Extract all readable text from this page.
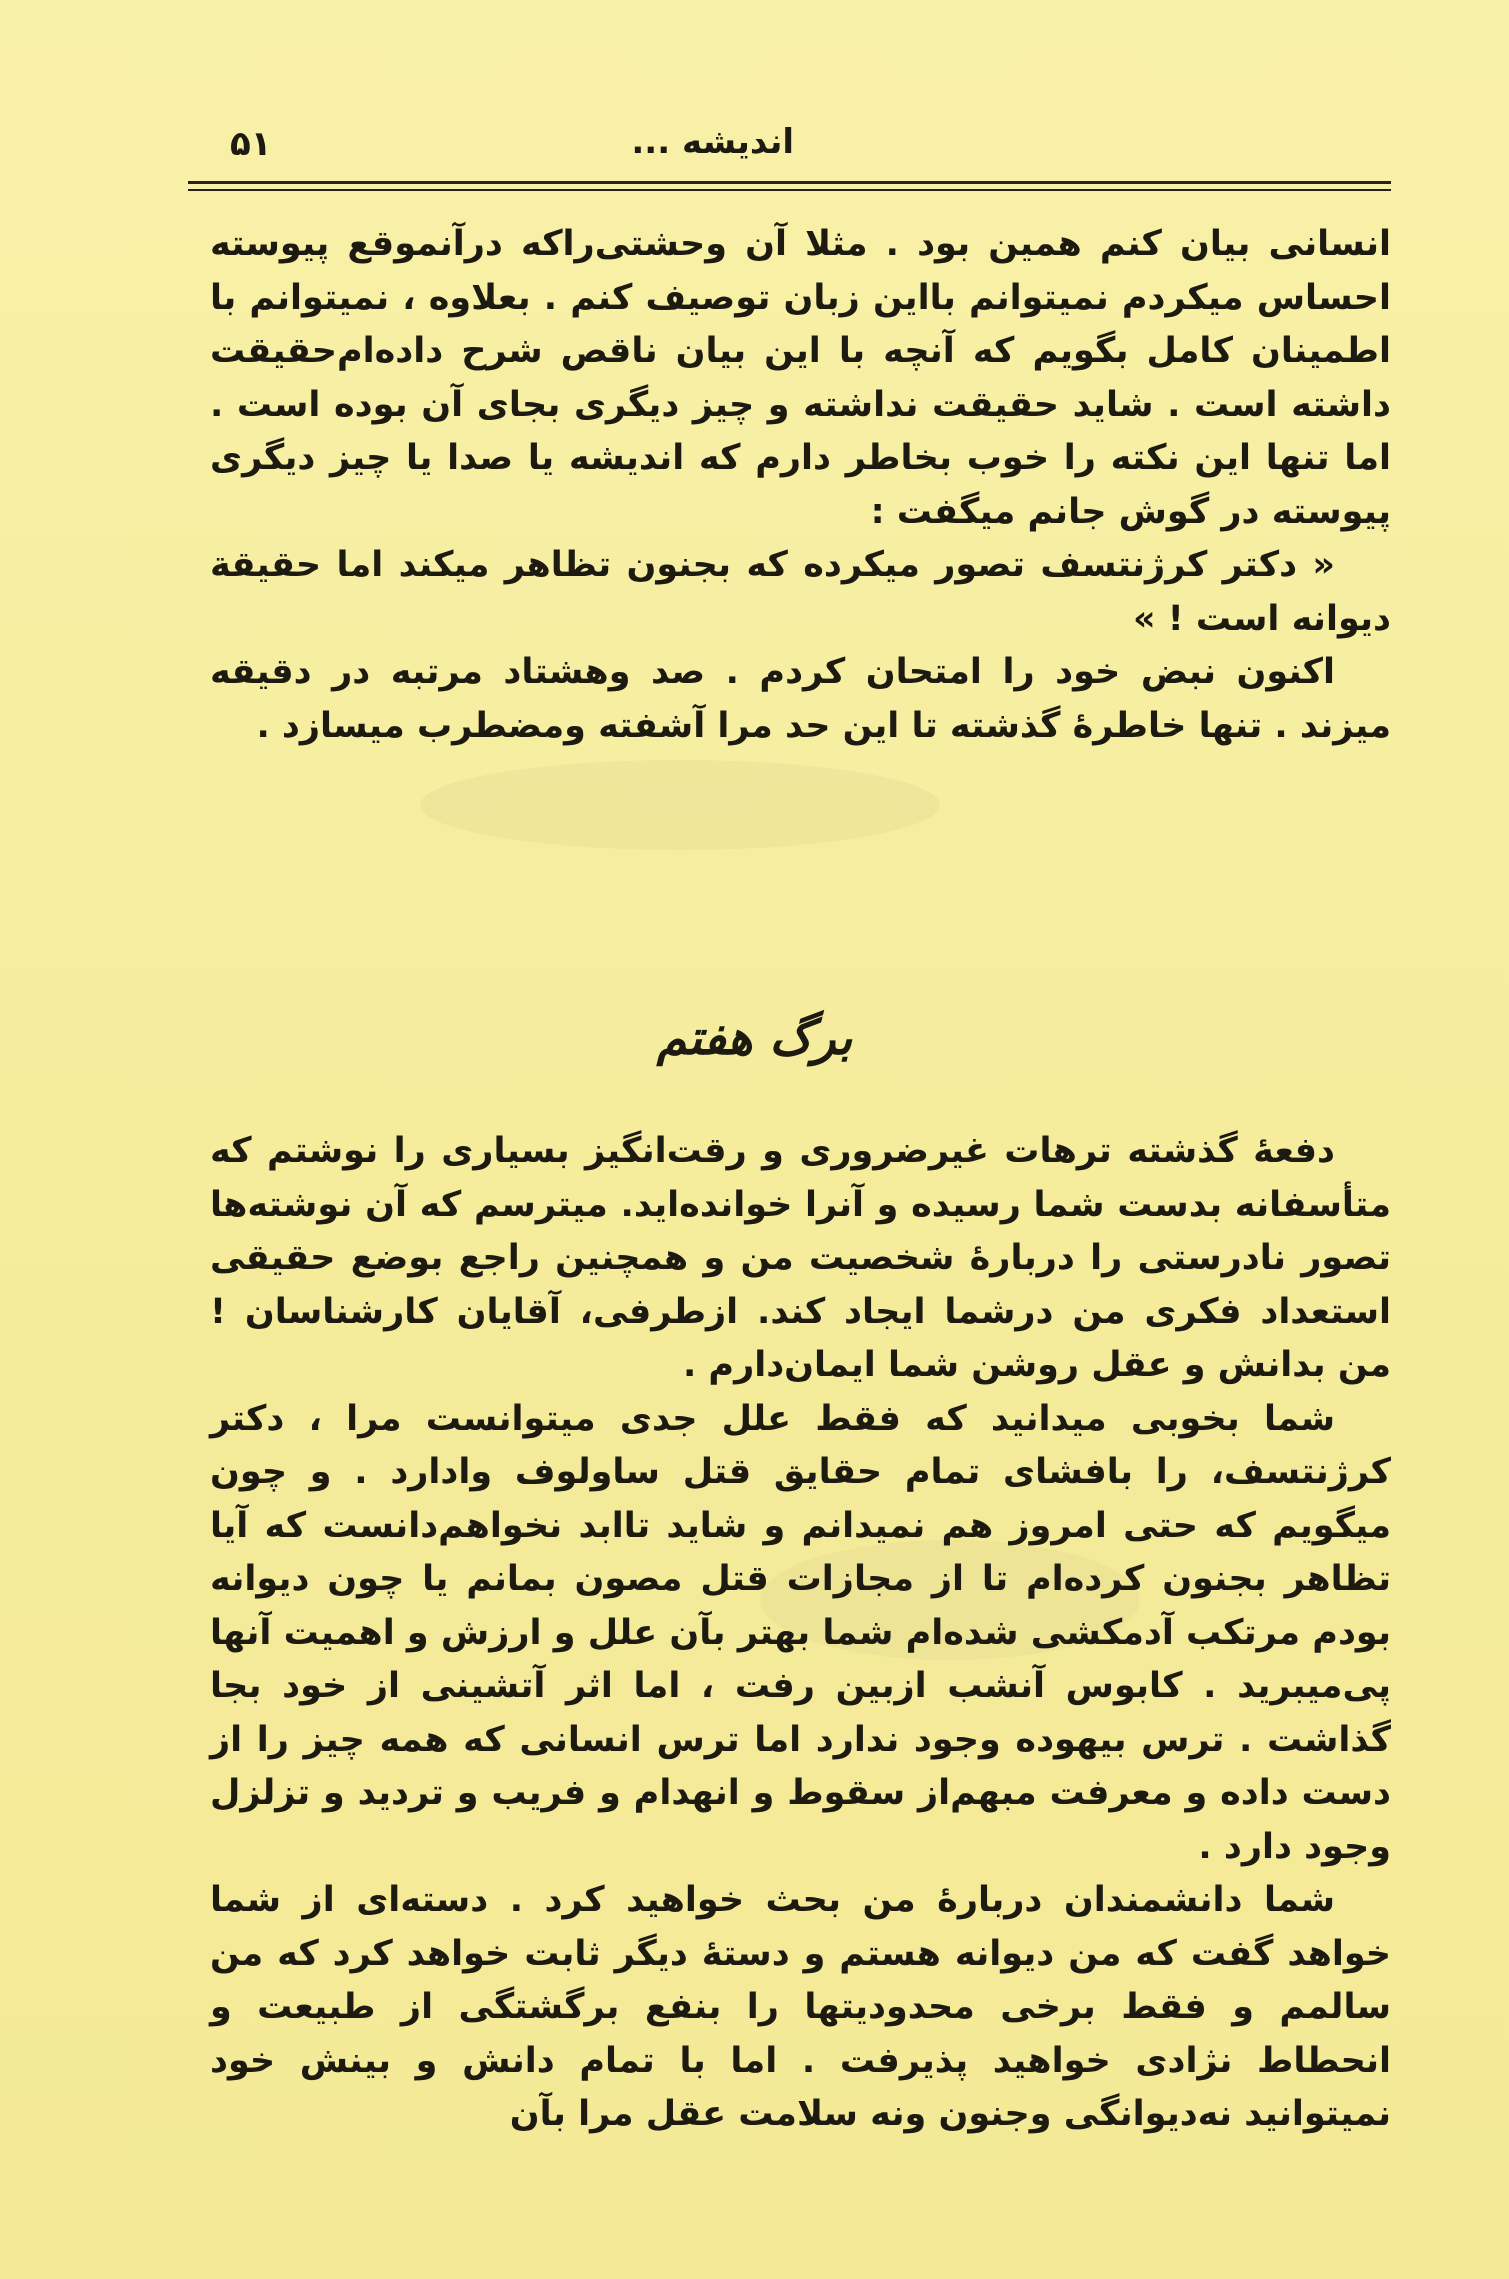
اندیشه ...
۵۱

انسانی بیان کنم همین بود . مثلا آن وحشتی‌راکه درآنموقع پیوسته احساس میکردم نمیتوانم بااین زبان توصیف کنم . بعلاوه ، نمیتوانم با اطمینان کامل بگویم که آنچه با این بیان ناقص شرح داده‌ام‌حقیقت داشته است . شاید حقیقت نداشته و چیز دیگری بجای آن بوده است . اما تنها این نکته را خوب بخاطر دارم که اندیشه یا صدا یا چیز دیگری پیوسته در گوش جانم میگفت :

« دکتر کرژنتسف تصور میکرده که بجنون تظاهر میکند اما حقیقة دیوانه است ! »

اکنون نبض خود را امتحان کردم . صد وهشتاد مرتبه در دقیقه میزند . تنها خاطرهٔ گذشته تا این حد مرا آشفته ومضطرب میسازد .

برگ هفتم

دفعهٔ گذشته ترهات غیرضروری و رقت‌انگیز بسیاری را نوشتم که متأسفانه بدست شما رسیده و آنرا خوانده‌اید. میترسم که آن نوشته‌ها تصور نادرستی را دربارهٔ شخصیت من و همچنین راجع بوضع حقیقی استعداد فکری من درشما ایجاد کند. ازطرفی، آقایان کارشناسان ! من بدانش و عقل روشن شما ایمان‌دارم .

شما بخوبی میدانید که فقط علل جدی میتوانست مرا ، دکتر کرژنتسف، را بافشای تمام حقایق قتل ساولوف وادارد . و چون میگویم که حتی امروز هم نمیدانم و شاید تاابد نخواهم‌دانست که آیا تظاهر بجنون کرده‌ام تا از مجازات قتل مصون بمانم یا چون دیوانه بودم مرتکب آدمکشی شده‌ام شما بهتر بآن علل و ارزش و اهمیت آنها پی‌میبرید . کابوس آنشب ازبین رفت ، اما اثر آتشینی از خود بجا گذاشت . ترس بیهوده وجود ندارد اما ترس انسانی که همه چیز را از دست داده و معرفت مبهم‌از سقوط و انهدام و فریب و تردید و تزلزل وجود دارد .

شما دانشمندان دربارهٔ من بحث خواهید کرد . دسته‌ای از شما خواهد گفت که من دیوانه هستم و دستهٔ دیگر ثابت خواهد کرد که من سالمم و فقط برخی محدودیتها را بنفع برگشتگی از طبیعت و انحطاط نژادی خواهید پذیرفت . اما با تمام دانش و بینش خود نمیتوانید نه‌دیوانگی وجنون ونه سلامت عقل مرا بآن
